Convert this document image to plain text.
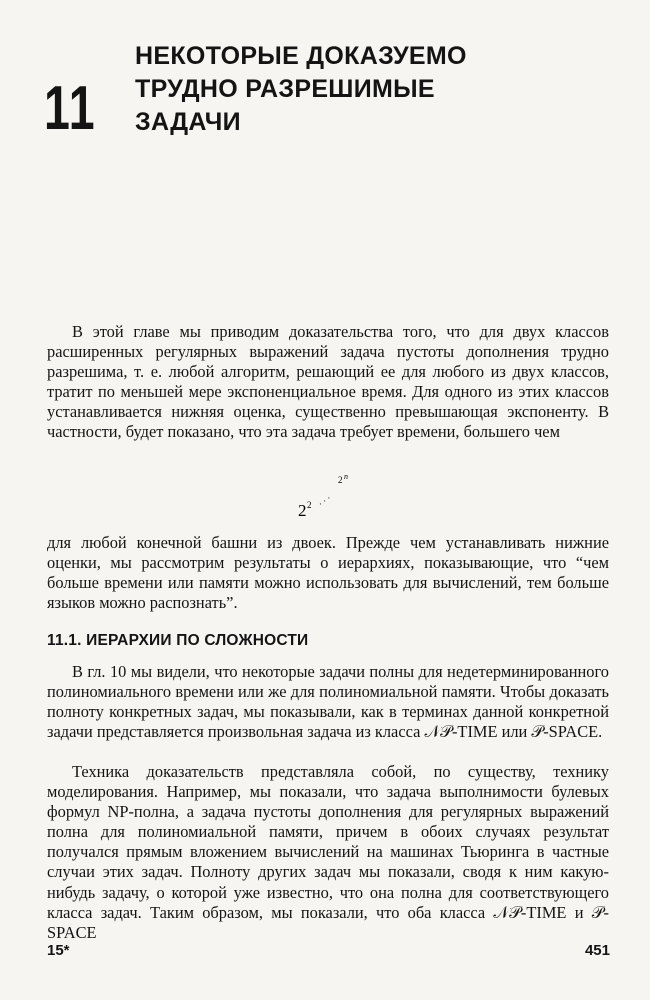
11
НЕКОТОРЫЕ ДОКАЗУЕМО
ТРУДНО РАЗРЕШИМЫЕ
ЗАДАЧИ

В этой главе мы приводим доказательства того, что для двух классов расширенных регулярных выражений задача пустоты дополнения трудно разрешима, т. е. любой алгоритм, решающий ее для любого из двух классов, тратит по меньшей мере экспоненциальное время. Для одного из этих классов устанавливается нижняя оценка, существенно превышающая экспоненту. В частности, будет показано, что эта задача требует времени, большего чем

2 n
· · ·
2 2

для любой конечной башни из двоек. Прежде чем устанавливать нижние оценки, мы рассмотрим результаты о иерархиях, показывающие, что “чем больше времени или памяти можно использовать для вычислений, тем больше языков можно распознать”.

11.1. ИЕРАРХИИ ПО СЛОЖНОСТИ

В гл. 10 мы видели, что некоторые задачи полны для недетерминированного полиномиального времени или же для полиномиальной памяти. Чтобы доказать полноту конкретных задач, мы показывали, как в терминах данной конкретной задачи представляется произвольная задача из класса 𝒩𝒫-TIME или 𝒫-SPACE.

Техника доказательств представляла собой, по существу, технику моделирования. Например, мы показали, что задача выполнимости булевых формул NP-полна, а задача пустоты дополнения для регулярных выражений полна для полиномиальной памяти, причем в обоих случаях результат получался прямым вложением вычислений на машинах Тьюринга в частные случаи этих задач. Полноту других задач мы показали, сводя к ним какую-нибудь задачу, о которой уже известно, что она полна для соответствующего класса задач. Таким образом, мы показали, что оба класса 𝒩𝒫-TIME и 𝒫-SPACE

15*	451
